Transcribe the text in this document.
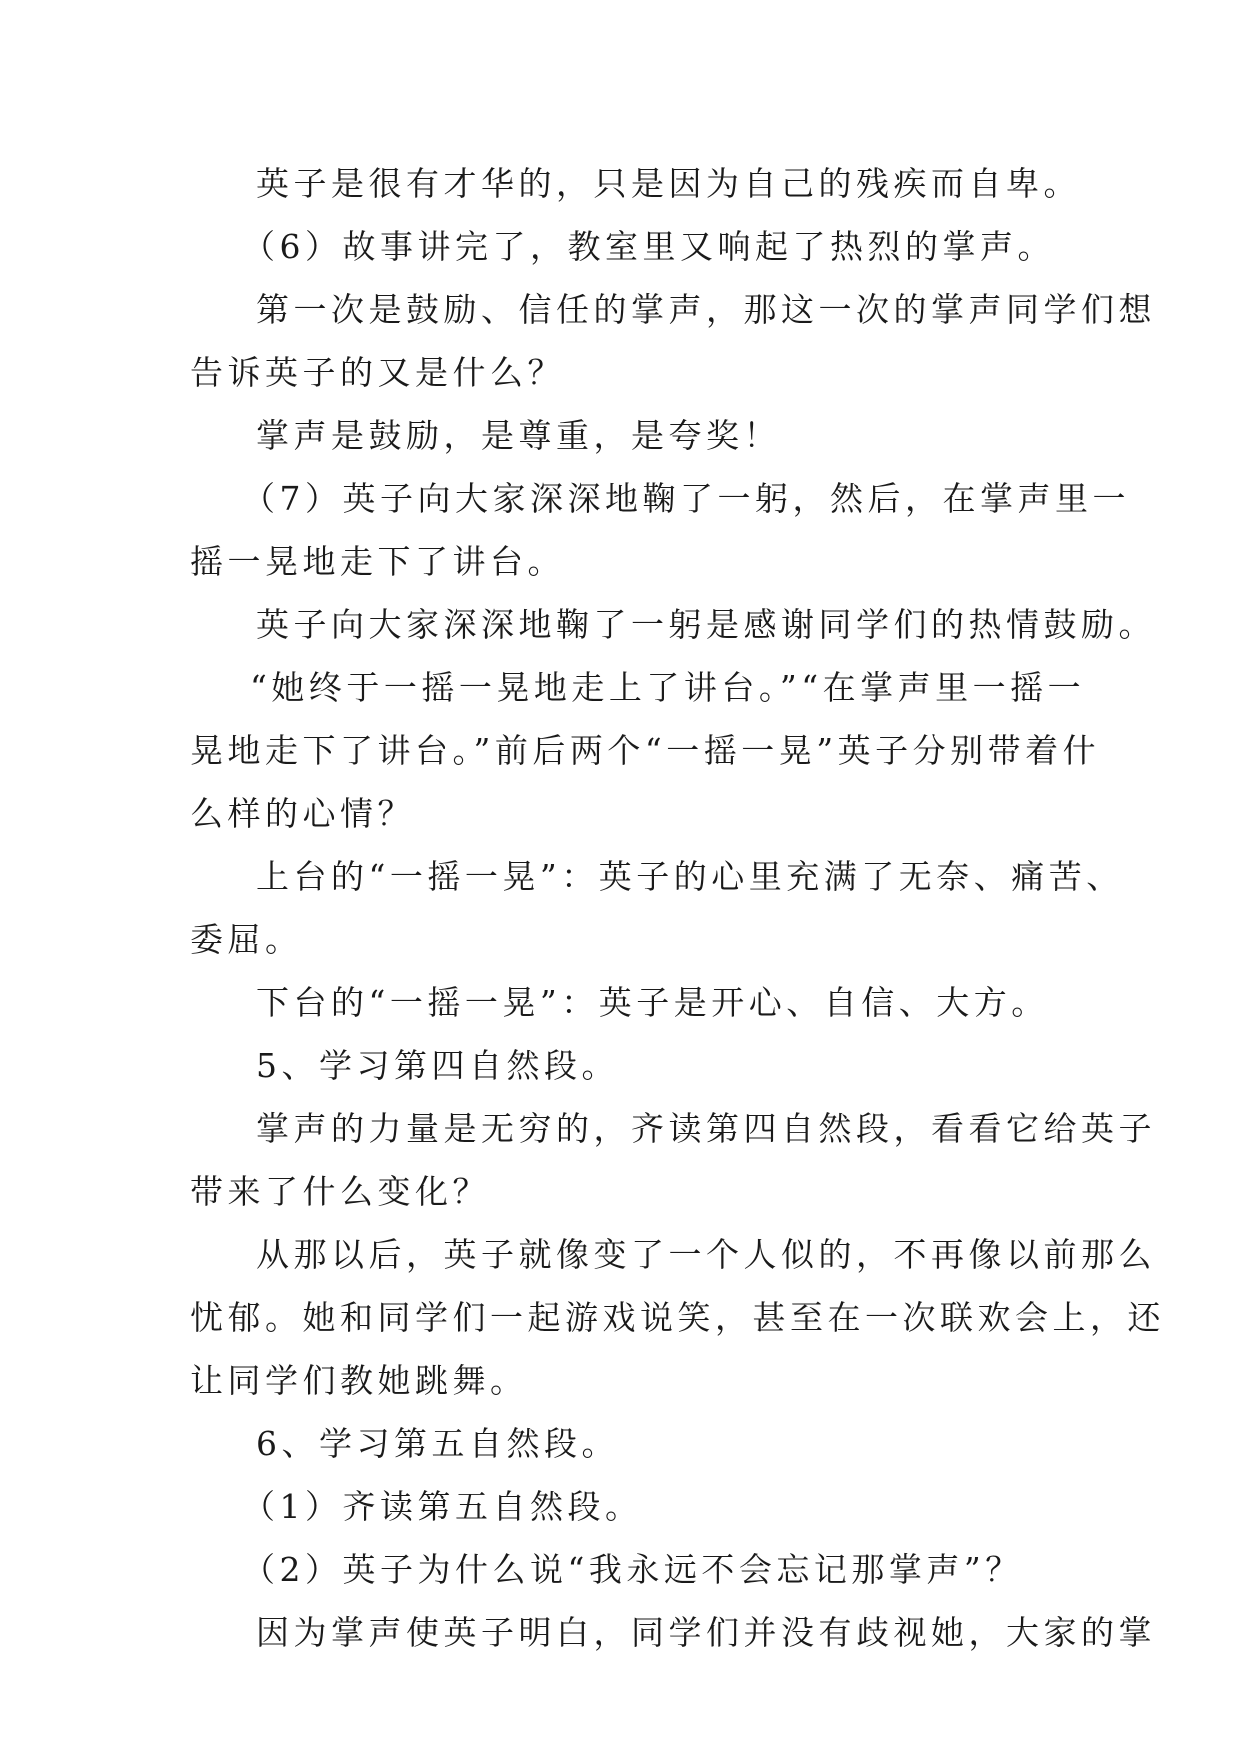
英子是很有才华的，只是因为自己的残疾而自卑。
（6）故事讲完了，教室里又响起了热烈的掌声。
第一次是鼓励、信任的掌声，那这一次的掌声同学们想
告诉英子的又是什么？
掌声是鼓励，是尊重，是夸奖！
（7）英子向大家深深地鞠了一躬，然后，在掌声里一
摇一晃地走下了讲台。
英子向大家深深地鞠了一躬是感谢同学们的热情鼓励。
“她终于一摇一晃地走上了讲台。”“在掌声里一摇一
晃地走下了讲台。”前后两个“一摇一晃”英子分别带着什
么样的心情？
上台的“一摇一晃”：英子的心里充满了无奈、痛苦、
委屈。
下台的“一摇一晃”：英子是开心、自信、大方。
5、学习第四自然段。
掌声的力量是无穷的，齐读第四自然段，看看它给英子
带来了什么变化？
从那以后，英子就像变了一个人似的，不再像以前那么
忧郁。她和同学们一起游戏说笑，甚至在一次联欢会上，还
让同学们教她跳舞。
6、学习第五自然段。
（1）齐读第五自然段。
（2）英子为什么说“我永远不会忘记那掌声”？
因为掌声使英子明白，同学们并没有歧视她，大家的掌
